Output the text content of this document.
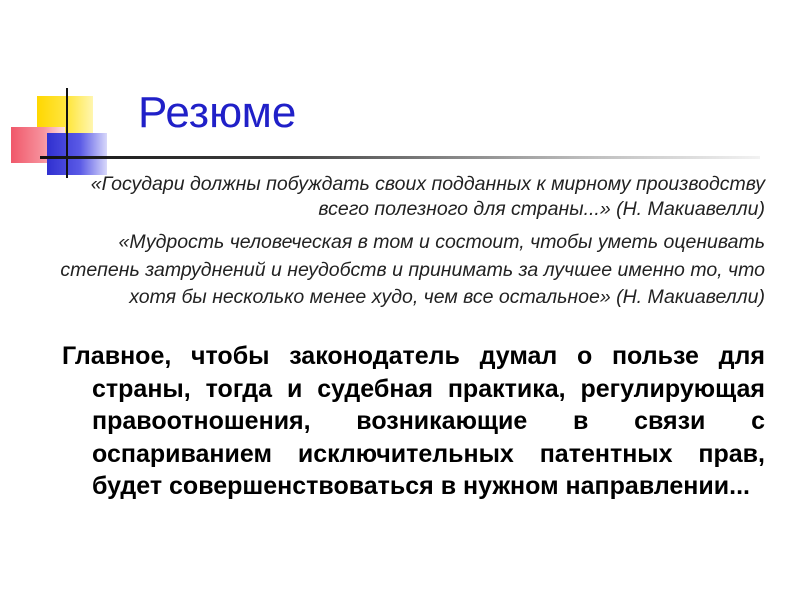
Резюме

«Государи должны побуждать своих подданных к мирному производству всего полезного для страны...» (Н. Макиавелли)

«Мудрость человеческая в том и состоит, чтобы уметь оценивать степень затруднений и неудобств и принимать за лучшее именно то, что хотя бы несколько менее худо, чем все остальное» (Н. Макиавелли)

Главное, чтобы законодатель думал о пользе для страны, тогда и судебная практика, регулирующая правоотношения, возникающие в связи с оспариванием исключительных патентных прав, будет совершенствоваться в нужном направлении...
